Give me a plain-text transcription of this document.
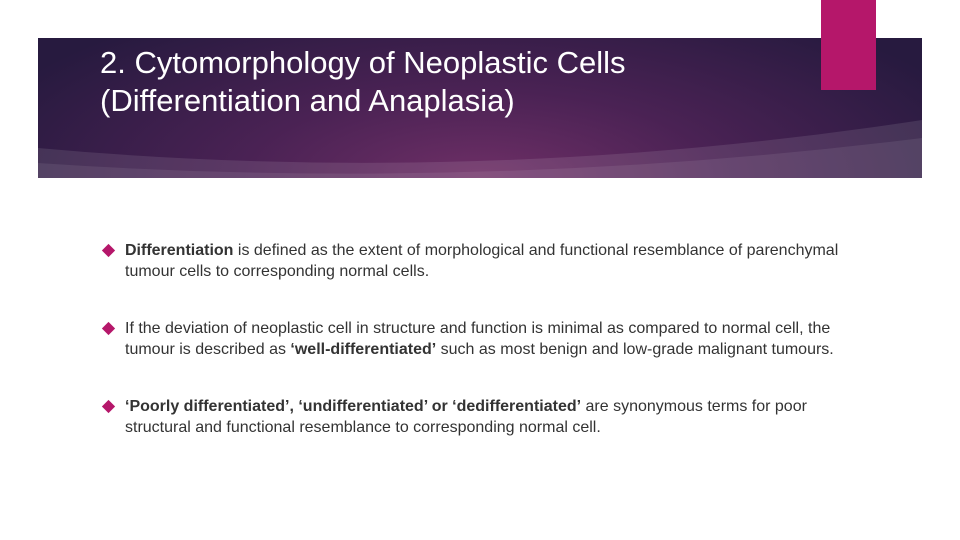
2. Cytomorphology of Neoplastic Cells
(Differentiation and Anaplasia)
Differentiation is defined as the extent of morphological and functional resemblance of parenchymal tumour cells to corresponding normal cells.
If the deviation of neoplastic cell in structure and function is minimal as compared to normal cell, the tumour is described as ‘well-differentiated’ such as most benign and low-grade malignant tumours.
‘Poorly differentiated’, ‘undifferentiated’ or ‘dedifferentiated’ are synonymous terms for poor structural and functional resemblance to corresponding normal cell.
